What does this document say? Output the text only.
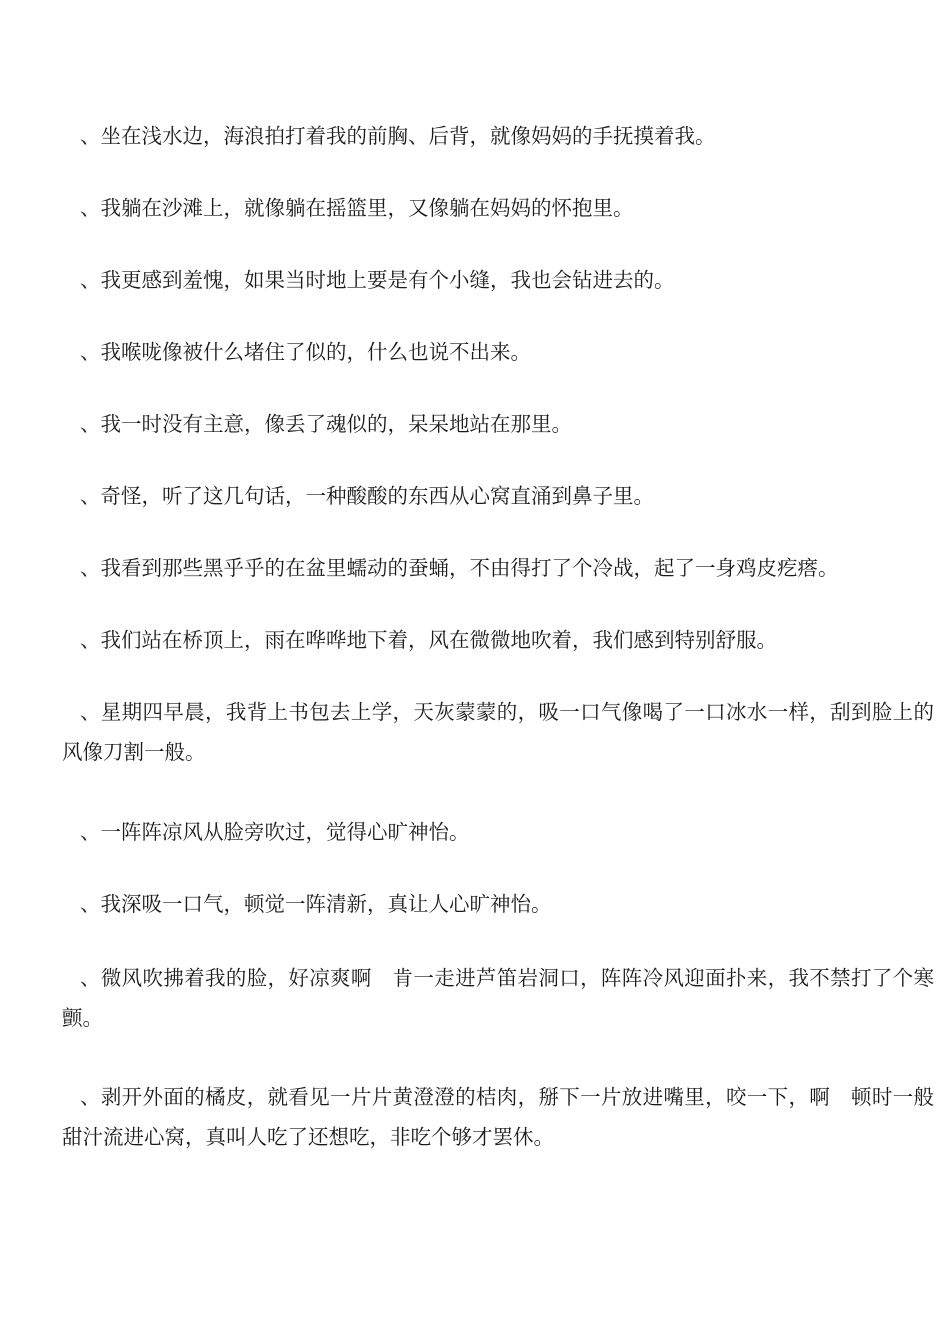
、坐在浅水边，海浪拍打着我的前胸、后背，就像妈妈的手抚摸着我。

、我躺在沙滩上，就像躺在摇篮里，又像躺在妈妈的怀抱里。

、我更感到羞愧，如果当时地上要是有个小缝，我也会钻进去的。

、我喉咙像被什么堵住了似的，什么也说不出来。

、我一时没有主意，像丢了魂似的，呆呆地站在那里。

、奇怪，听了这几句话，一种酸酸的东西从心窝直涌到鼻子里。

、我看到那些黑乎乎的在盆里蠕动的蚕蛹，不由得打了个冷战，起了一身鸡皮疙瘩。

、我们站在桥顶上，雨在哗哗地下着，风在微微地吹着，我们感到特别舒服。

、星期四早晨，我背上书包去上学，天灰蒙蒙的，吸一口气像喝了一口冰水一样，刮到脸上的风像刀割一般。

、一阵阵凉风从脸旁吹过，觉得心旷神怡。

、我深吸一口气，顿觉一阵清新，真让人心旷神怡。

、微风吹拂着我的脸，好凉爽啊　肯一走进芦笛岩洞口，阵阵冷风迎面扑来，我不禁打了个寒颤。

、剥开外面的橘皮，就看见一片片黄澄澄的桔肉，掰下一片放进嘴里，咬一下，啊　顿时一般甜汁流进心窝，真叫人吃了还想吃，非吃个够才罢休。
